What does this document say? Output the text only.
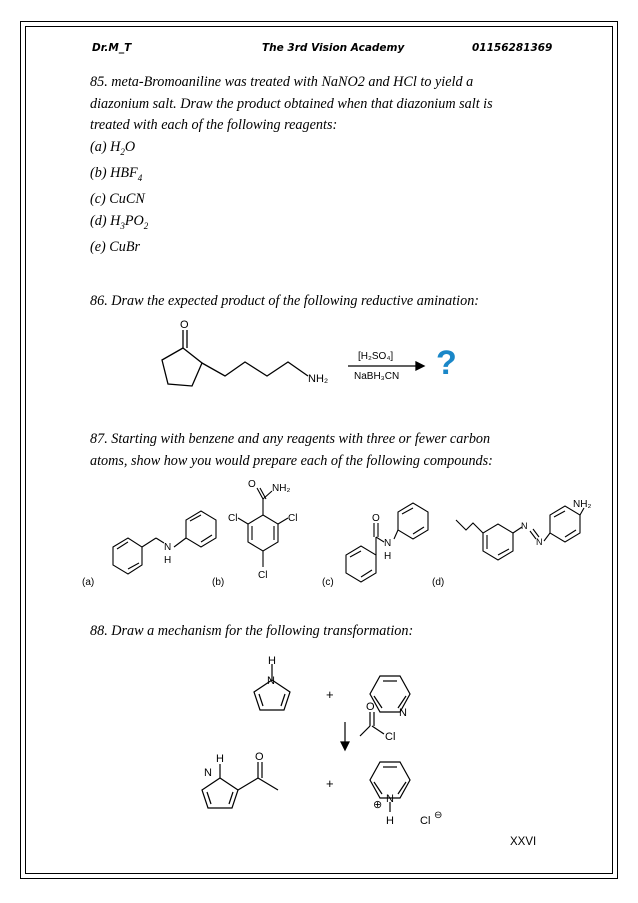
Dr.M_T	The 3rd Vision Academy	01156281369
85. meta-Bromoaniline was treated with NaNO2 and HCl to yield a
diazonium salt. Draw the product obtained when that diazonium salt is
treated with each of the following reagents:
(a) $H_2O$
(b) $HBF_4$
(c) CuCN
(d) $H_3PO_2$
(e) CuBr
86. Draw the expected product of the following reductive amination:
O
NH₂
[H₂SO₄]
NaBH₃CN ?
87. Starting with benzene and any reagents with three or fewer carbon
atoms, show how you would prepare each of the following compounds:
N
H
(a)
O NH₂
Cl	Cl
Cl
(b)
O
N
H
(c)
N
N
NH₂
(d)
88. Draw a mechanism for the following transformation:
H
N
N
+
O
Cl
H
N
O
+
⊕ N
H Cl ⊖
XXVI
